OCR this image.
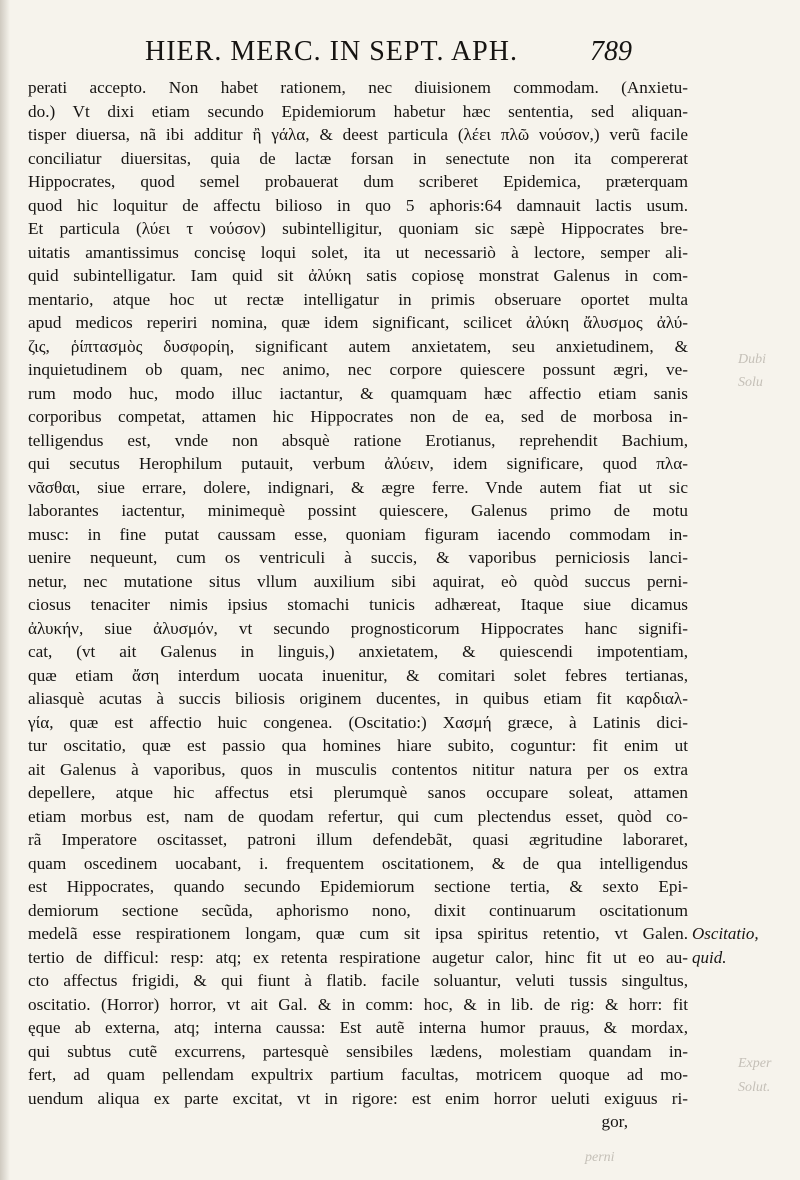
HIER. MERC. IN SEPT. APH.	789
perati accepto. Non habet rationem, nec diuisionem commodam. (Anxietu-
do.) Vt dixi etiam secundo Epidemiorum habetur hæc sententia, sed aliquan-
tisper diuersa, nã ibi additur ἢ γάλα, & deest particula (λέει πλῶ νούσον,) verũ facile
conciliatur diuersitas, quia de lactæ forsan in senectute non ita compererat
Hippocrates, quod semel probauerat dum scriberet Epidemica, præterquam
quod hic loquitur de affectu bilioso in quo 5 aphoris:64 damnauit lactis usum.
Et particula (λύει τ νούσον) subintelligitur, quoniam sic sæpè Hippocrates bre-
uitatis amantissimus concisę loqui solet, ita ut necessariò à lectore, semper ali-
quid subintelligatur. Iam quid sit ἀλύκη satis copiosę monstrat Galenus in com-
mentario, atque hoc ut rectæ intelligatur in primis obseruare oportet multa
apud medicos reperiri nomina, quæ idem significant, scilicet ἀλύκη ἄλυσμος ἀλύ-
ζις, ῥίπτασμὸς δυσφορίη, significant autem anxietatem, seu anxietudinem, &
inquietudinem ob quam, nec animo, nec corpore quiescere possunt ægri, ve-
rum modo huc, modo illuc iactantur, & quamquam hæc affectio etiam sanis
corporibus competat, attamen hic Hippocrates non de ea, sed de morbosa in-
telligendus est, vnde non absquè ratione Erotianus, reprehendit Bachium,
qui secutus Herophilum putauit, verbum ἀλύειν, idem significare, quod πλα-
νᾶσθαι, siue errare, dolere, indignari, & ægre ferre. Vnde autem fiat ut sic
laborantes iactentur, minimequè possint quiescere, Galenus primo de motu
musc: in fine putat caussam esse, quoniam figuram iacendo commodam in-
uenire nequeunt, cum os ventriculi à succis, & vaporibus perniciosis lanci-
netur, nec mutatione situs vllum auxilium sibi aquirat, eò quòd succus perni-
ciosus tenaciter nimis ipsius stomachi tunicis adhæreat, Itaque siue dicamus
ἀλυκήν, siue ἀλυσμόν, vt secundo prognosticorum Hippocrates hanc signifi-
cat, (vt ait Galenus in linguis,) anxietatem, & quiescendi impotentiam,
quæ etiam ἄση interdum uocata inuenitur, & comitari solet febres tertianas,
aliasquè acutas à succis biliosis originem ducentes, in quibus etiam fit καρδιαλ-
γία, quæ est affectio huic congenea. (Oscitatio:) Χασμή græce, à Latinis dici-
tur oscitatio, quæ est passio qua homines hiare subito, coguntur: fit enim ut
ait Galenus à vaporibus, quos in musculis contentos nititur natura per os extra
depellere, atque hic affectus etsi plerumquè sanos occupare soleat, attamen
etiam morbus est, nam de quodam refertur, qui cum plectendus esset, quòd co-
rã Imperatore oscitasset, patroni illum defendebãt, quasi ægritudine laboraret,
quam oscedinem uocabant, i. frequentem oscitationem, & de qua intelligendus
est Hippocrates, quando secundo Epidemiorum sectione tertia, & sexto Epi-
demiorum sectione secũda, aphorismo nono, dixit continuarum oscitationum
medelã esse respirationem longam, quæ cum sit ipsa spiritus retentio, vt Galen.
tertio de difficul: resp: atq; ex retenta respiratione augetur calor, hinc fit ut eo au-
cto affectus frigidi, & qui fiunt à flatib. facile soluantur, veluti tussis singultus,
oscitatio. (Horror) horror, vt ait Gal. & in comm: hoc, & in lib. de rig: & horr: fit
ęque ab externa, atq; interna caussa: Est autẽ interna humor prauus, & mordax,
qui subtus cutẽ excurrens, partesquè sensibiles lædens, molestiam quandam in-
fert, ad quam pellendam expultrix partium facultas, motricem quoque ad mo-
uendum aliqua ex parte excitat, vt in rigore: est enim horror ueluti exiguus ri-
gor,
Oscitatio,
quid.
Dubi
Solu
Exper
Solut.
perni
